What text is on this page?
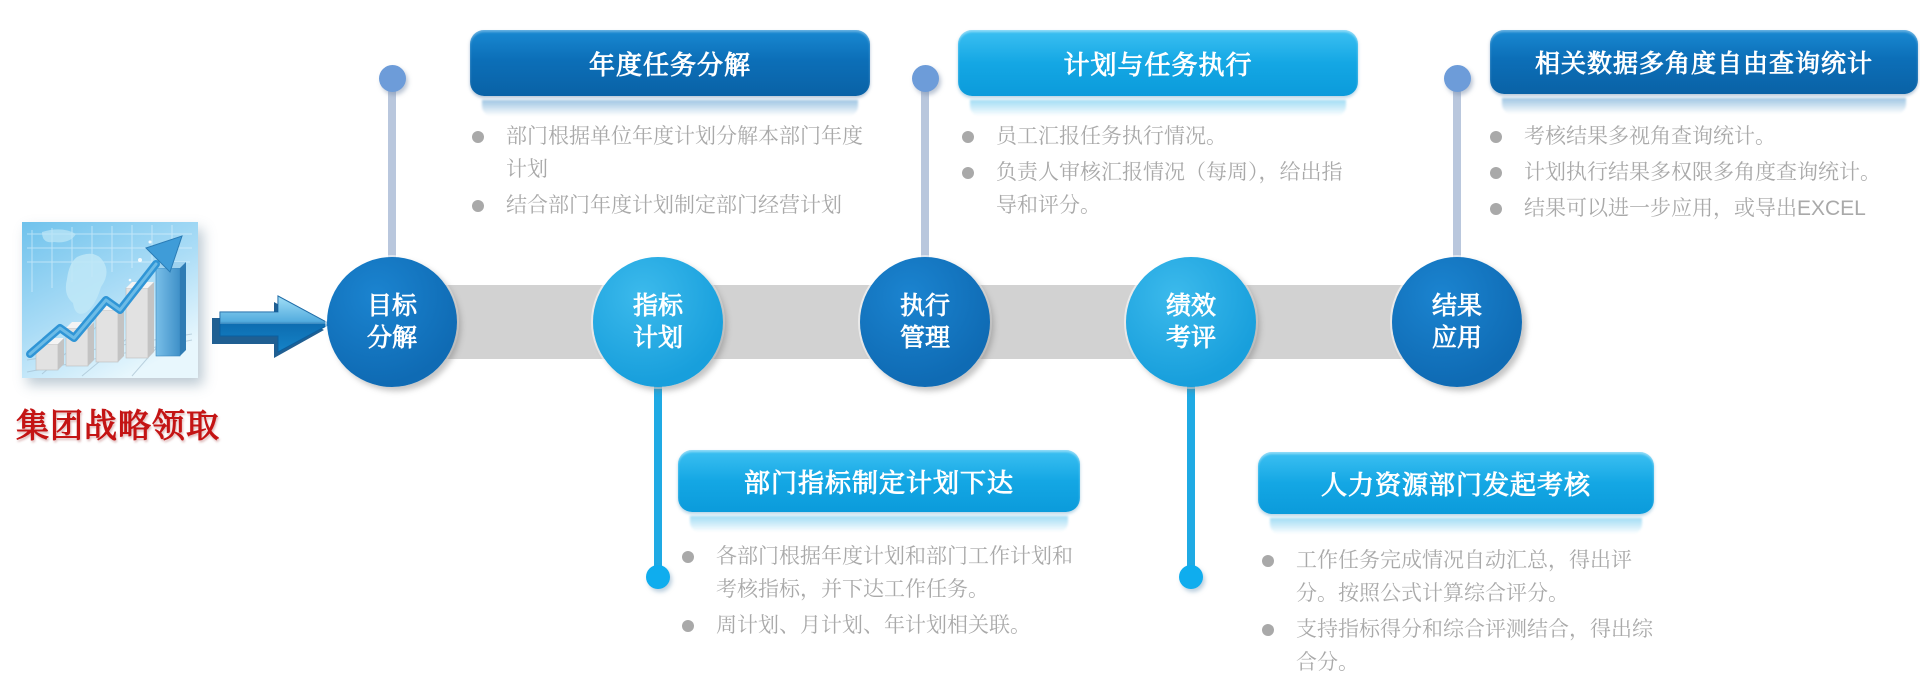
集团战略领取
目标
分解
指标
计划
执行
管理
绩效
考评
结果
应用
年度任务分解	计划与任务执行	相关数据多角度自由查询统计
部门指标制定计划下达	人力资源部门发起考核
部门根据单位年度计划分解本部门年度计划
结合部门年度计划制定部门经营计划
员工汇报任务执行情况。
负责人审核汇报情况（每周），给出指导和评分。
考核结果多视角查询统计。
计划执行结果多权限多角度查询统计。
结果可以进一步应用，或导出EXCEL
各部门根据年度计划和部门工作计划和考核指标，并下达工作任务。
周计划、月计划、年计划相关联。
工作任务完成情况自动汇总，得出评分。按照公式计算综合评分。
支持指标得分和综合评测结合，得出综合分。
